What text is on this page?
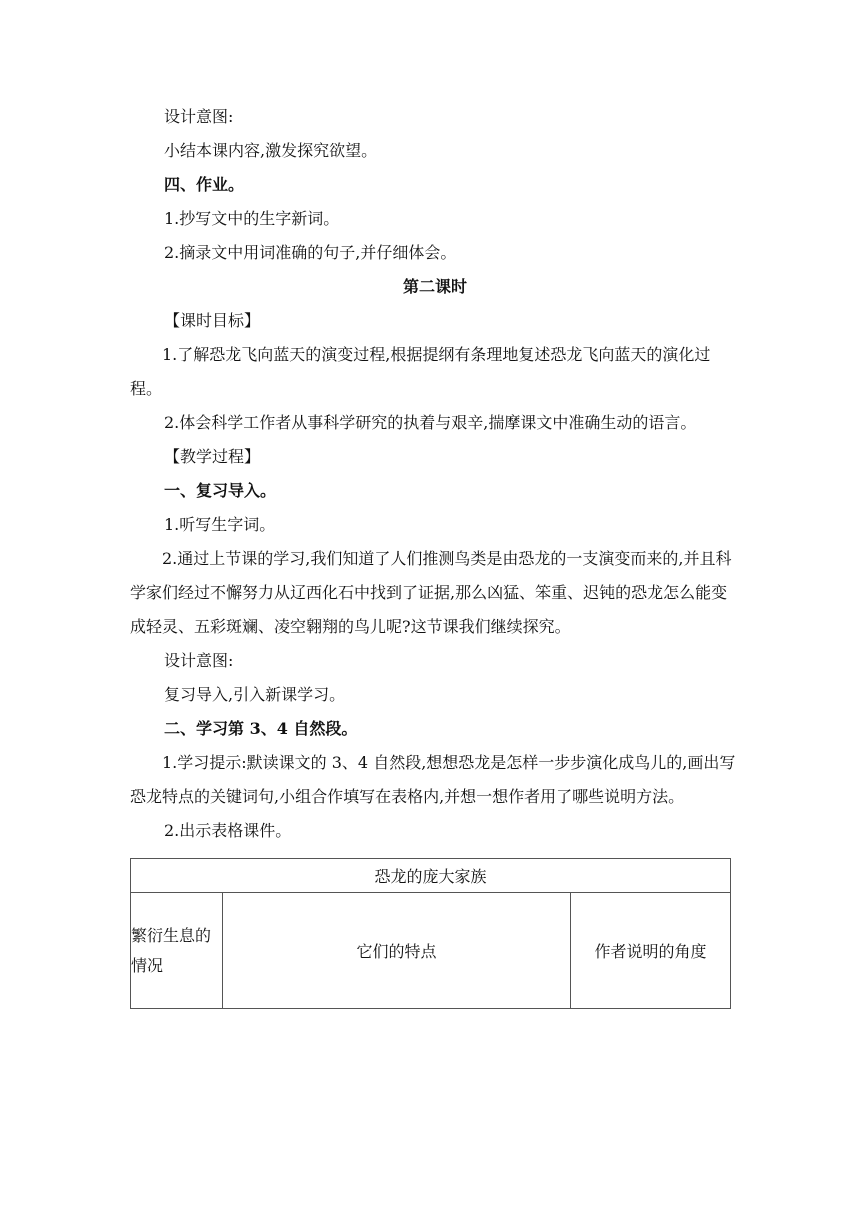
设计意图:

小结本课内容,激发探究欲望。

四、作业。

1.抄写文中的生字新词。

2.摘录文中用词准确的句子,并仔细体会。

第二课时

【课时目标】

1.了解恐龙飞向蓝天的演变过程,根据提纲有条理地复述恐龙飞向蓝天的演化过程。

2.体会科学工作者从事科学研究的执着与艰辛,揣摩课文中准确生动的语言。

【教学过程】

一、复习导入。

1.听写生字词。

2.通过上节课的学习,我们知道了人们推测鸟类是由恐龙的一支演变而来的,并且科学家们经过不懈努力从辽西化石中找到了证据,那么凶猛、笨重、迟钝的恐龙怎么能变成轻灵、五彩斑斓、凌空翱翔的鸟儿呢?这节课我们继续探究。

设计意图:

复习导入,引入新课学习。

二、学习第 3、4 自然段。

1.学习提示:默读课文的 3、4 自然段,想想恐龙是怎样一步步演化成鸟儿的,画出写恐龙特点的关键词句,小组合作填写在表格内,并想一想作者用了哪些说明方法。

2.出示表格课件。

恐龙的庞大家族
繁衍生息的情况	它们的特点	作者说明的角度
